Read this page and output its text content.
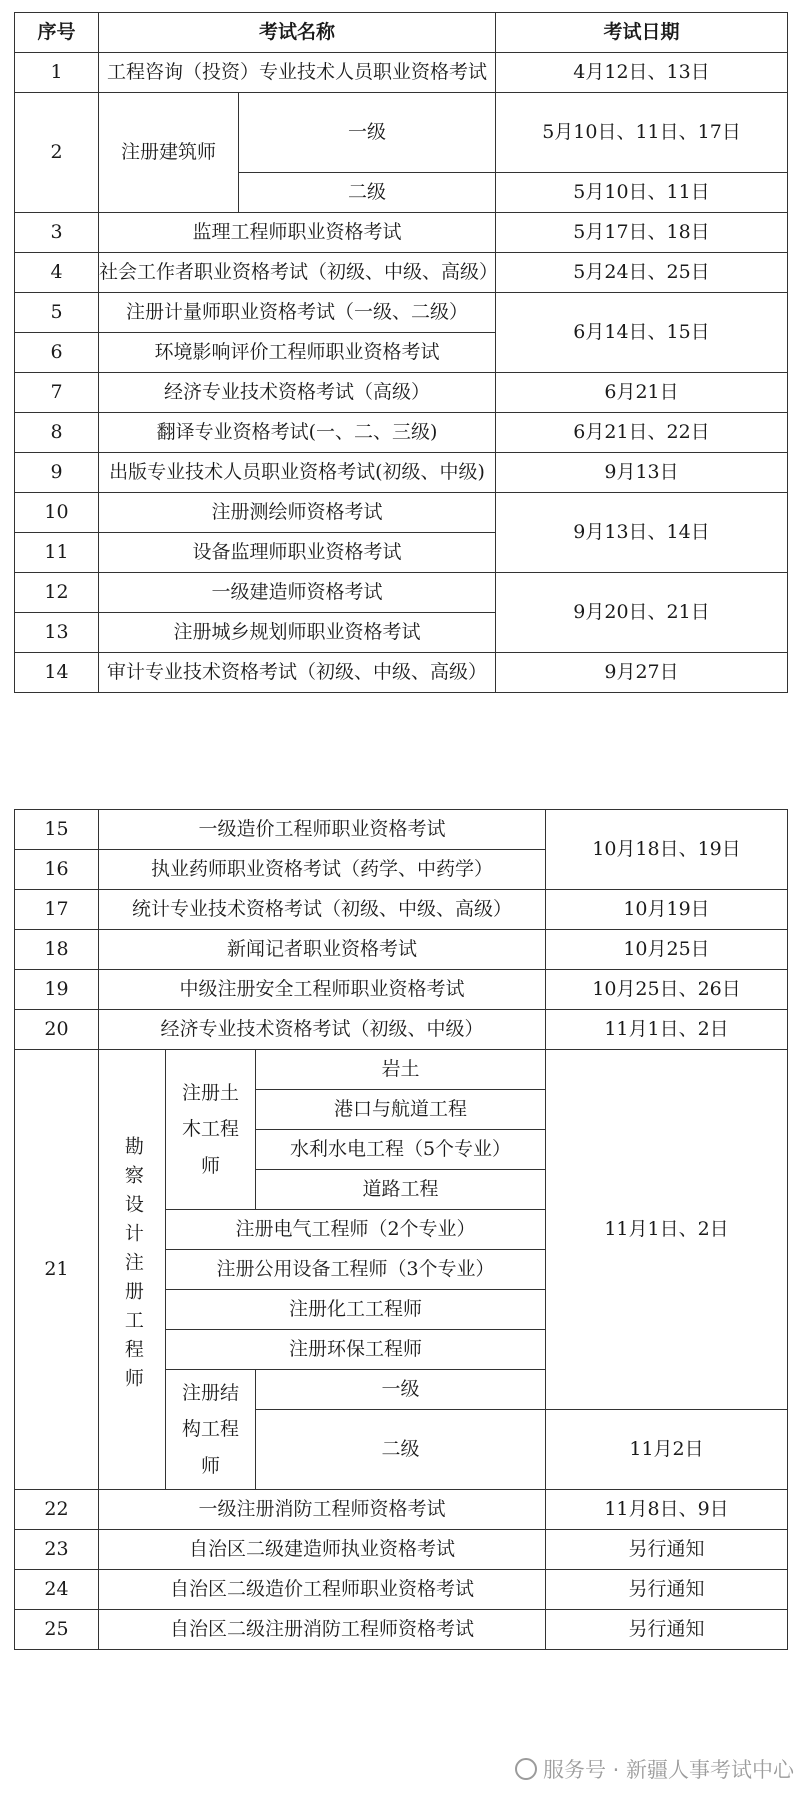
序号	考试名称		考试日期
1	工程咨询（投资）专业技术人员职业资格考试		4月12日、13日
2	注册建筑师	一级	5月10日、11日、17日
		二级	5月10日、11日
3	监理工程师职业资格考试		5月17日、18日
4	社会工作者职业资格考试（初级、中级、高级）		5月24日、25日
5	注册计量师职业资格考试（一级、二级）		6月14日、15日
6	环境影响评价工程师职业资格考试		
7	经济专业技术资格考试（高级）		6月21日
8	翻译专业资格考试(一、二、三级)		6月21日、22日
9	出版专业技术人员职业资格考试(初级、中级)		9月13日
10	注册测绘师资格考试		9月13日、14日
11	设备监理师职业资格考试		
12	一级建造师资格考试		9月20日、21日
13	注册城乡规划师职业资格考试		
14	审计专业技术资格考试（初级、中级、高级）		9月27日
15	一级造价工程师职业资格考试			10月18日、19日
16	执业药师职业资格考试（药学、中药学）			
17	统计专业技术资格考试（初级、中级、高级）			10月19日
18	新闻记者职业资格考试			10月25日
19	中级注册安全工程师职业资格考试			10月25日、26日
20	经济专业技术资格考试（初级、中级）			11月1日、2日
21	勘察设计注册工程师	注册土木工程师	岩土	11月1日、2日
			港口与航道工程	
			水利水电工程（5个专业）	
			道路工程	
		注册电气工程师（2个专业）		
		注册公用设备工程师（3个专业）		
		注册化工工程师		
		注册环保工程师		
		注册结构工程师	一级	
			二级	11月2日
22	一级注册消防工程师资格考试			11月8日、9日
23	自治区二级建造师执业资格考试			另行通知
24	自治区二级造价工程师职业资格考试			另行通知
25	自治区二级注册消防工程师资格考试			另行通知
服务号 · 新疆人事考试中心
